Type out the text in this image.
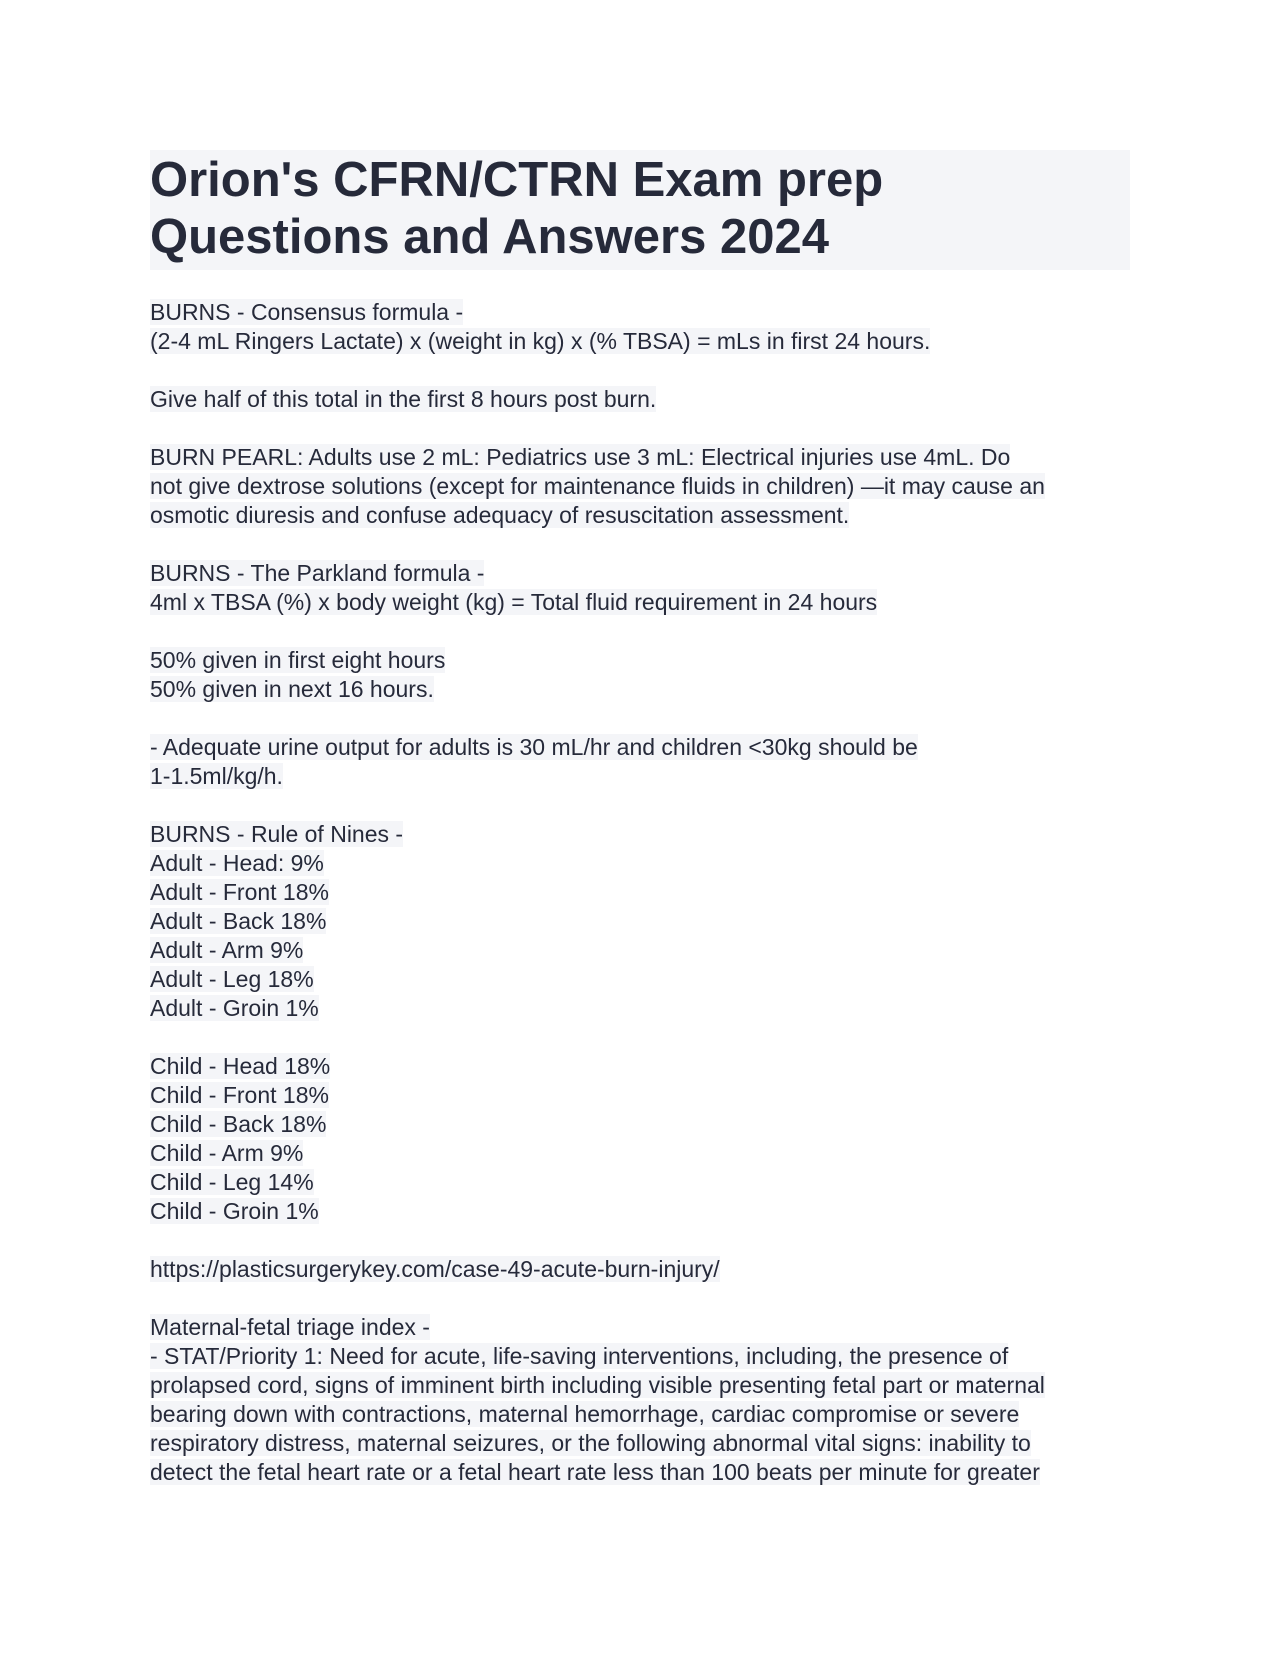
Orion's CFRN/CTRN Exam prep
Questions and Answers 2024
BURNS - Consensus formula -
(2-4 mL Ringers Lactate) x (weight in kg) x (% TBSA) = mLs in first 24 hours.
Give half of this total in the first 8 hours post burn.
BURN PEARL: Adults use 2 mL: Pediatrics use 3 mL: Electrical injuries use 4mL. Do
not give dextrose solutions (except for maintenance fluids in children) —it may cause an
osmotic diuresis and confuse adequacy of resuscitation assessment.
BURNS - The Parkland formula -
4ml x TBSA (%) x body weight (kg) = Total fluid requirement in 24 hours
50% given in first eight hours
50% given in next 16 hours.
- Adequate urine output for adults is 30 mL/hr and children <30kg should be
1-1.5ml/kg/h.
BURNS - Rule of Nines -
Adult - Head: 9%
Adult - Front 18%
Adult - Back 18%
Adult - Arm 9%
Adult - Leg 18%
Adult - Groin 1%
Child - Head 18%
Child - Front 18%
Child - Back 18%
Child - Arm 9%
Child - Leg 14%
Child - Groin 1%
https://plasticsurgerykey.com/case-49-acute-burn-injury/
Maternal-fetal triage index -
- STAT/Priority 1: Need for acute, life-saving interventions, including, the presence of
prolapsed cord, signs of imminent birth including visible presenting fetal part or maternal
bearing down with contractions, maternal hemorrhage, cardiac compromise or severe
respiratory distress, maternal seizures, or the following abnormal vital signs: inability to
detect the fetal heart rate or a fetal heart rate less than 100 beats per minute for greater
